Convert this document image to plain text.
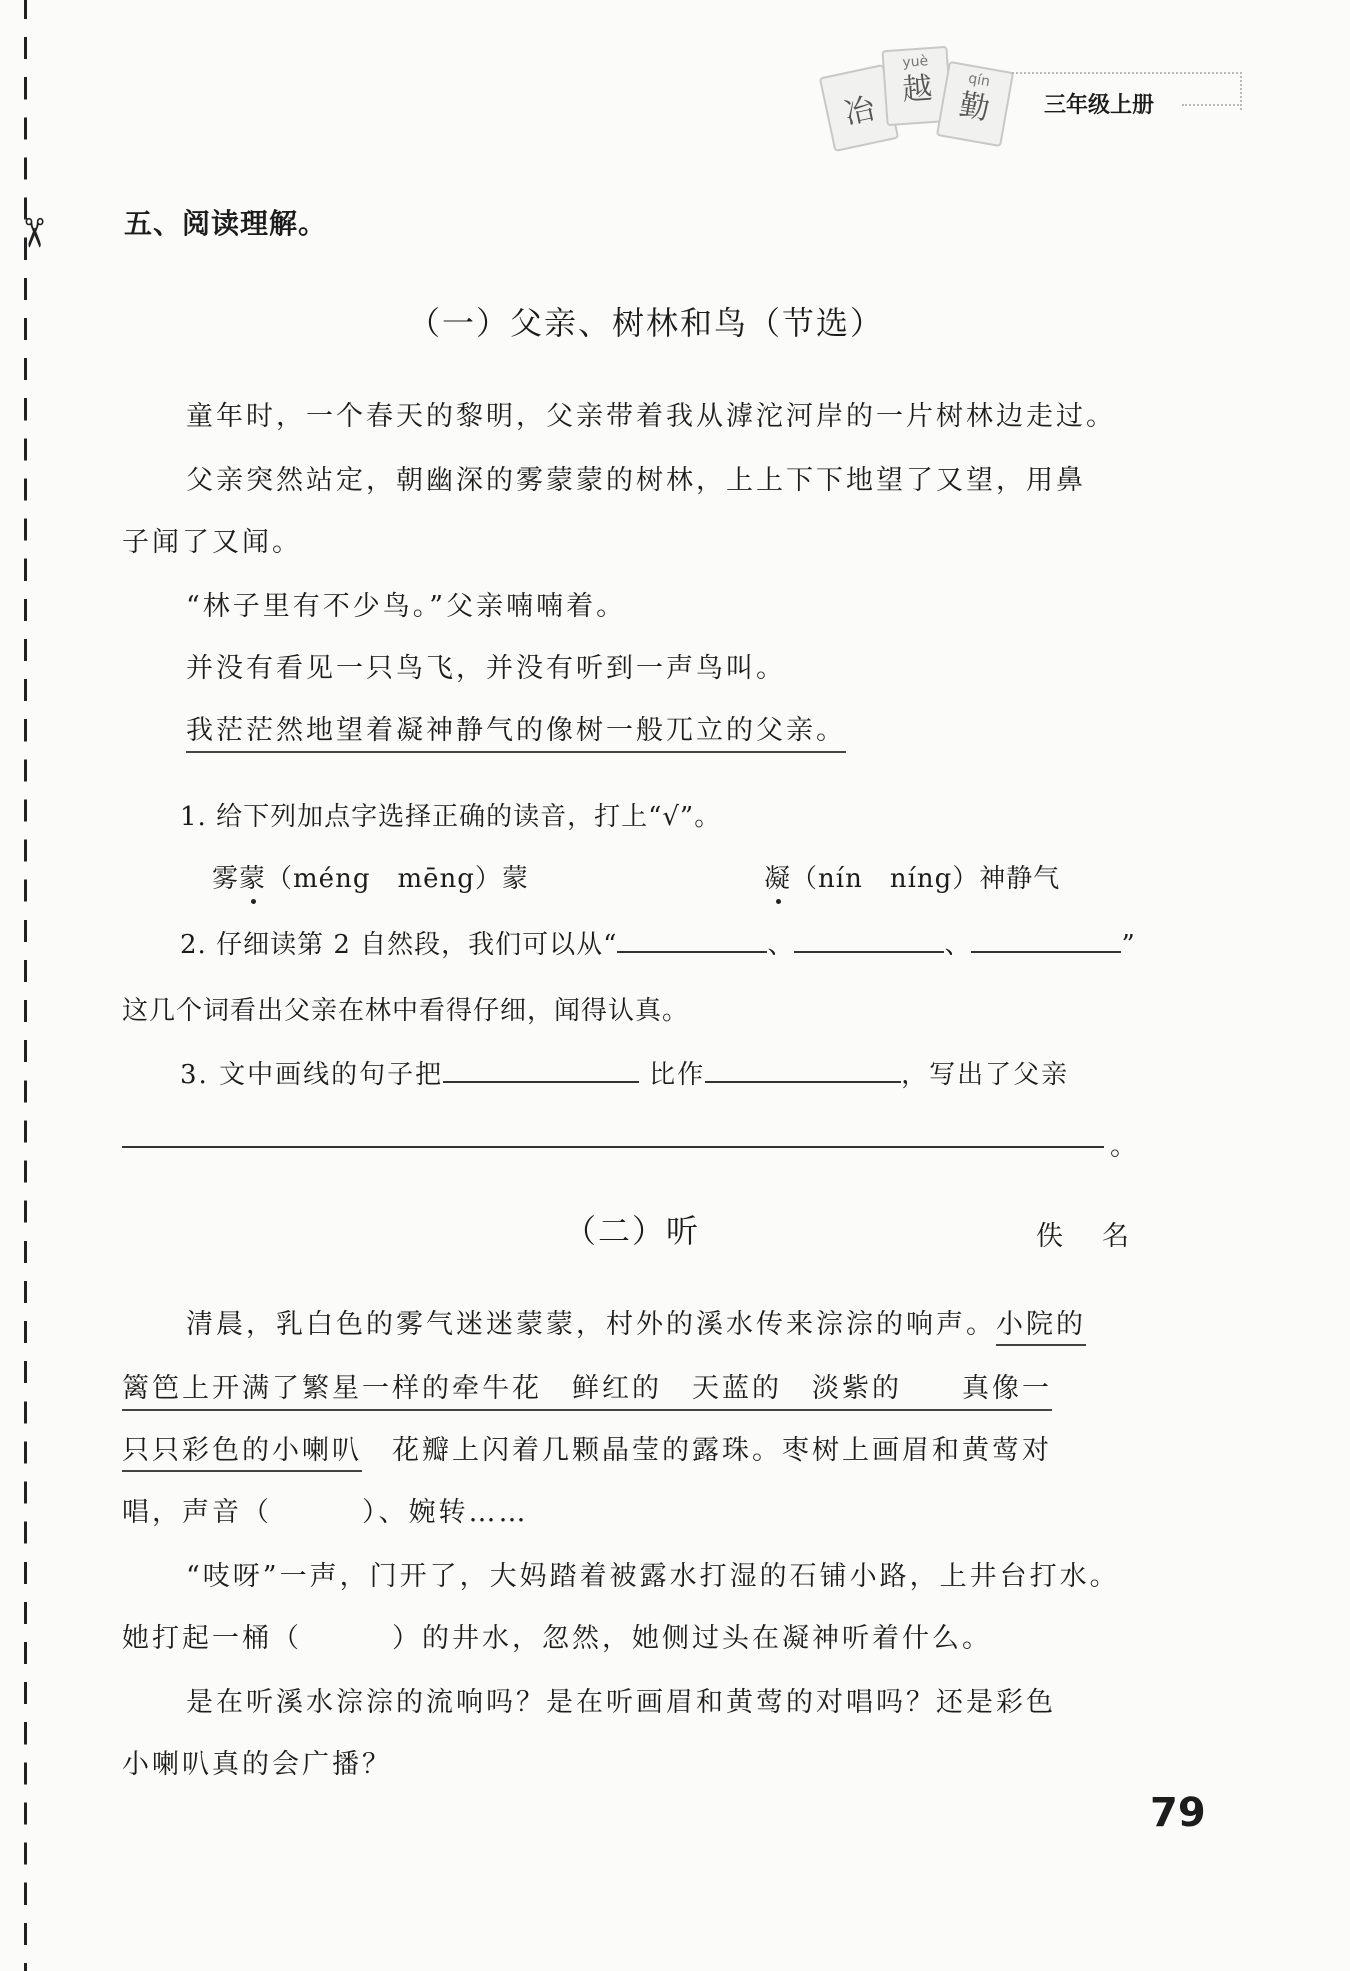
✂
冶
yuè
越 qín
勤 三年级上册
五、阅读理解。
（一）父亲、树林和鸟（节选）
童年时，一个春天的黎明，父亲带着我从滹沱河岸的一片树林边走过。
父亲突然站定，朝幽深的雾蒙蒙的树林，上上下下地望了又望，用鼻
子闻了又闻。
“林子里有不少鸟。”父亲喃喃着。
并没有看见一只鸟飞，并没有听到一声鸟叫。
我茫茫然地望着凝神静气的像树一般兀立的父亲。
1. 给下列加点字选择正确的读音，打上“√”。
雾蒙（méng　mēng）蒙	凝（nín　níng）神静气
2. 仔细读第 2 自然段，我们可以从“	、	、	”
这几个词看出父亲在林中看得仔细，闻得认真。
3. 文中画线的句子把	比作	，写出了父亲
。
（二）听	佚　名
清晨，乳白色的雾气迷迷蒙蒙，村外的溪水传来淙淙的响声。小院的
篱笆上开满了繁星一样的牵牛花　鲜红的　天蓝的　淡紫的　　真像一
只只彩色的小喇叭　花瓣上闪着几颗晶莹的露珠。枣树上画眉和黄莺对
唱，声音（　　　）、婉转……
“吱呀”一声，门开了，大妈踏着被露水打湿的石铺小路，上井台打水。
她打起一桶（　　　）的井水，忽然，她侧过头在凝神听着什么。
是在听溪水淙淙的流响吗？是在听画眉和黄莺的对唱吗？还是彩色
小喇叭真的会广播？
79
